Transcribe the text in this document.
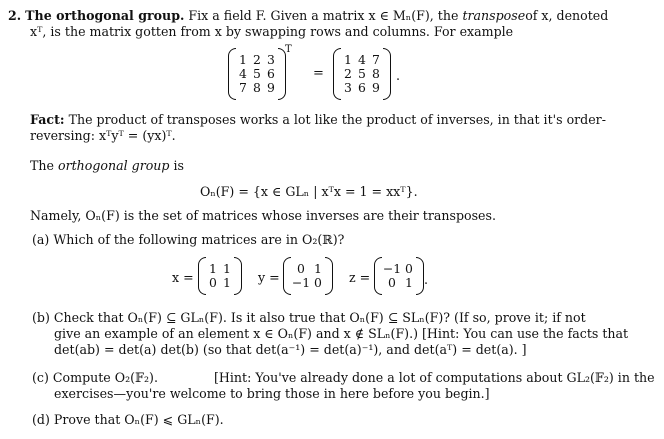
2. The orthogonal group. Fix a field F. Given a matrix x ∈ Mₙ(F), the transposeof x, denoted
xᵀ, is the matrix gotten from x by swapping rows and columns. For example
1 2 3
4 5 6
7 8 9
T
=
1 4 7
2 5 8
3 6 9
.
Fact: The product of transposes works a lot like the product of inverses, in that it's order-
reversing: xᵀyᵀ = (yx)ᵀ.
The orthogonal group is
Oₙ(F) = {x ∈ GLₙ | xᵀx = 1 = xxᵀ}.
Namely, Oₙ(F) is the set of matrices whose inverses are their transposes.
(a) Which of the following matrices are in O₂(ℝ)?
x =
1 1
0 1 y =
0 1
−1 0 z =
−1 0
0 1 .
(b) Check that Oₙ(F) ⊆ GLₙ(F). Is it also true that Oₙ(F) ⊆ SLₙ(F)? (If so, prove it; if not
give an example of an element x ∈ Oₙ(F) and x ∉ SLₙ(F).) [Hint: You can use the facts that
det(ab) = det(a) det(b) (so that det(a⁻¹) = det(a)⁻¹), and det(aᵀ) = det(a). ]
(c) Compute O₂(𝔽₂).	[Hint: You've already done a lot of computations about GL₂(𝔽₂) in the
exercises—you're welcome to bring those in here before you begin.]
(d) Prove that Oₙ(F) ⩽ GLₙ(F).
